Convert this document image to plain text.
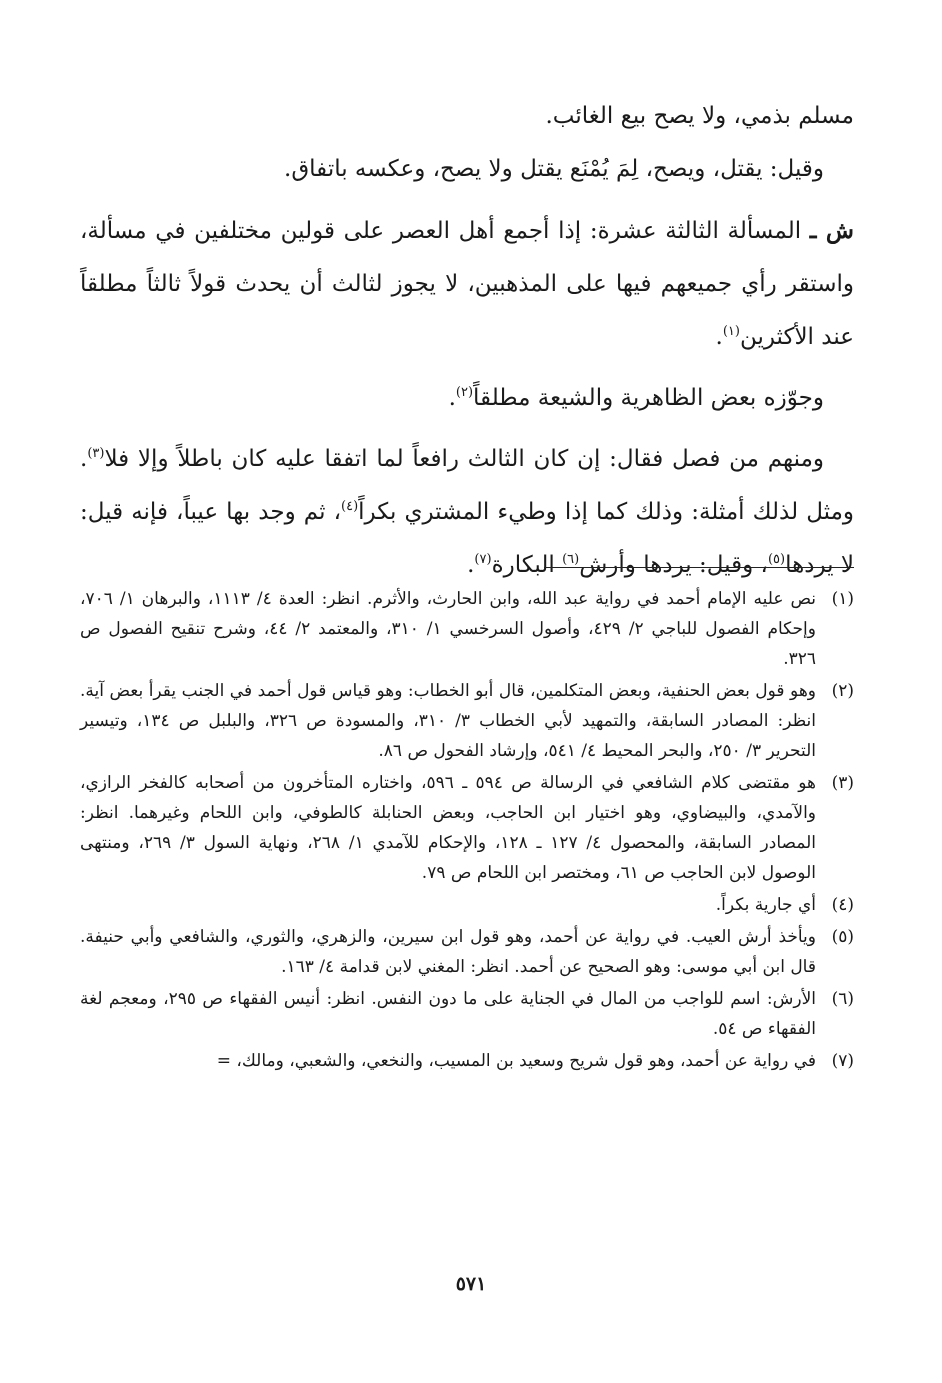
مسلم بذمي، ولا يصح بيع الغائب.

وقيل: يقتل، ويصح، لِمَ يُمْنَع يقتل ولا يصح، وعكسه باتفاق.

ش ـ المسألة الثالثة عشرة: إذا أجمع أهل العصر على قولين مختلفين في مسألة، واستقر رأي جميعهم فيها على المذهبين، لا يجوز لثالث أن يحدث قولاً ثالثاً مطلقاً عند الأكثرين$^{(١)}$.

وجوّزه بعض الظاهرية والشيعة مطلقاً$^{(٢)}$.

ومنهم من فصل فقال: إن كان الثالث رافعاً لما اتفقا عليه كان باطلاً وإلا فلا$^{(٣)}$. ومثل لذلك أمثلة: وذلك كما إذا وطيء المشتري بكراً$^{(٤)}$، ثم وجد بها عيباً، فإنه قيل: لا يردها$^{(٥)}$، وقيل: يردها وأرش$^{(٦)}$ البكارة$^{(٧)}$.

(١)
نص عليه الإمام أحمد في رواية عبد الله، وابن الحارث، والأثرم. انظر: العدة ٤/ ١١١٣، والبرهان ١/ ٧٠٦، وإحكام الفصول للباجي ٢/ ٤٢٩، وأصول السرخسي ١/ ٣١٠، والمعتمد ٢/ ٤٤، وشرح تنقيح الفصول ص ٣٢٦.
(٢)
وهو قول بعض الحنفية، وبعض المتكلمين، قال أبو الخطاب: وهو قياس قول أحمد في الجنب يقرأ بعض آية. انظر: المصادر السابقة، والتمهيد لأبي الخطاب ٣/ ٣١٠، والمسودة ص ٣٢٦، والبلبل ص ١٣٤، وتيسير التحرير ٣/ ٢٥٠، والبحر المحيط ٤/ ٥٤١، وإرشاد الفحول ص ٨٦.
(٣)
هو مقتضى كلام الشافعي في الرسالة ص ٥٩٤ ـ ٥٩٦، واختاره المتأخرون من أصحابه كالفخر الرازي، والآمدي، والبيضاوي، وهو اختيار ابن الحاجب، وبعض الحنابلة كالطوفي، وابن اللحام وغيرهما. انظر: المصادر السابقة، والمحصول ٤/ ١٢٧ ـ ١٢٨، والإحكام للآمدي ١/ ٢٦٨، ونهاية السول ٣/ ٢٦٩، ومنتهى الوصول لابن الحاجب ص ٦١، ومختصر ابن اللحام ص ٧٩.
(٤)
أي جارية بكراً.
(٥)
ويأخذ أرش العيب. في رواية عن أحمد، وهو قول ابن سيرين، والزهري، والثوري، والشافعي وأبي حنيفة. قال ابن أبي موسى: وهو الصحيح عن أحمد. انظر: المغني لابن قدامة ٤/ ١٦٣.
(٦)
الأرش: اسم للواجب من المال في الجناية على ما دون النفس. انظر: أنيس الفقهاء ص ٢٩٥، ومعجم لغة الفقهاء ص ٥٤.
(٧)
في رواية عن أحمد، وهو قول شريح وسعيد بن المسيب، والنخعي، والشعبي، ومالك، =
٥٧١
